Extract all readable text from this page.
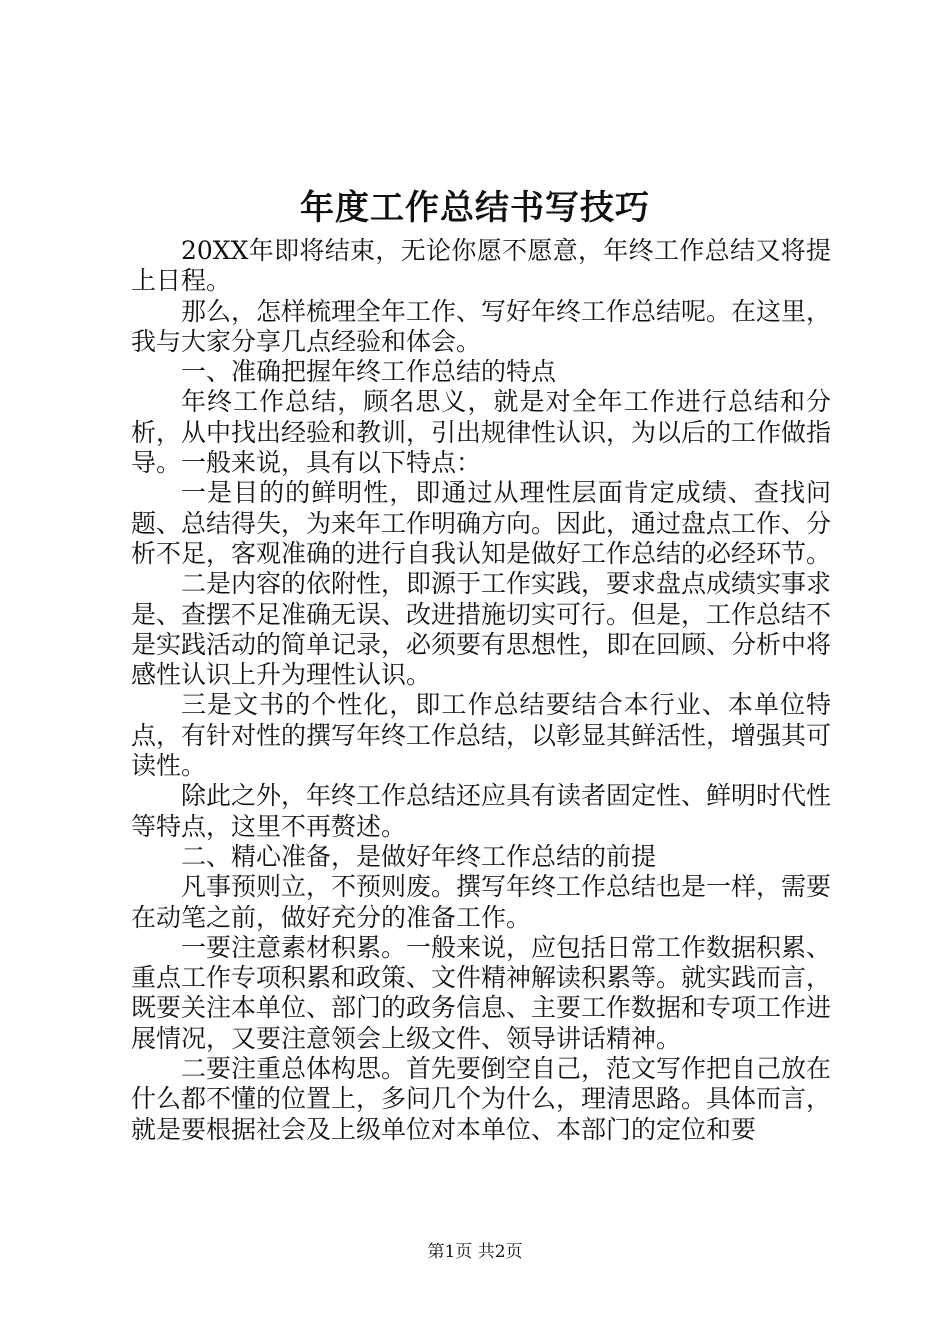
年度工作总结书写技巧

20XX年即将结束，无论你愿不愿意，年终工作总结又将提上日程。

那么，怎样梳理全年工作、写好年终工作总结呢。在这里，我与大家分享几点经验和体会。

一、准确把握年终工作总结的特点

年终工作总结，顾名思义，就是对全年工作进行总结和分析，从中找出经验和教训，引出规律性认识，为以后的工作做指导。一般来说，具有以下特点：

一是目的的鲜明性，即通过从理性层面肯定成绩、查找问题、总结得失，为来年工作明确方向。因此，通过盘点工作、分析不足，客观准确的进行自我认知是做好工作总结的必经环节。

二是内容的依附性，即源于工作实践，要求盘点成绩实事求是、查摆不足准确无误、改进措施切实可行。但是，工作总结不是实践活动的简单记录，必须要有思想性，即在回顾、分析中将感性认识上升为理性认识。

三是文书的个性化，即工作总结要结合本行业、本单位特点，有针对性的撰写年终工作总结，以彰显其鲜活性，增强其可读性。

除此之外，年终工作总结还应具有读者固定性、鲜明时代性等特点，这里不再赘述。

二、精心准备，是做好年终工作总结的前提

凡事预则立，不预则废。撰写年终工作总结也是一样，需要在动笔之前，做好充分的准备工作。

一要注意素材积累。一般来说，应包括日常工作数据积累、重点工作专项积累和政策、文件精神解读积累等。就实践而言，既要关注本单位、部门的政务信息、主要工作数据和专项工作进展情况，又要注意领会上级文件、领导讲话精神。

二要注重总体构思。首先要倒空自己，范文写作把自己放在什么都不懂的位置上，多问几个为什么，理清思路。具体而言，就是要根据社会及上级单位对本单位、本部门的定位和要

第1页 共2页
